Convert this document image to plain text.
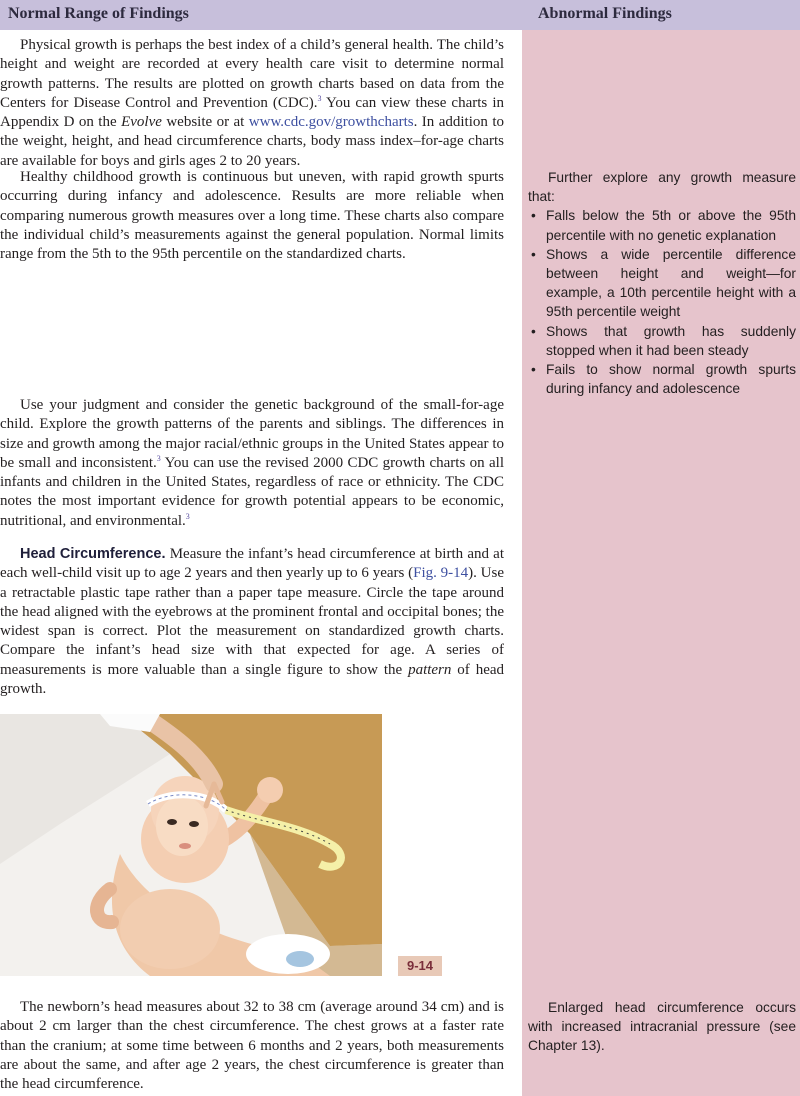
Normal Range of Findings	Abnormal Findings

Physical growth is perhaps the best index of a child’s general health. The child’s height and weight are recorded at every health care visit to determine normal growth patterns. The results are plotted on growth charts based on data from the Centers for Disease Control and Prevention (CDC).$^3$ You can view these charts in Appendix D on the Evolve website or at www.cdc.gov/growthcharts. In addition to the weight, height, and head circumference charts, body mass index–for-age charts are available for boys and girls ages 2 to 20 years.

Healthy childhood growth is continuous but uneven, with rapid growth spurts occurring during infancy and adolescence. Results are more reliable when comparing numerous growth measures over a long time. These charts also compare the individual child’s measurements against the general population. Normal limits range from the 5th to the 95th percentile on the standardized charts.

Use your judgment and consider the genetic background of the small-for-age child. Explore the growth patterns of the parents and siblings. The differences in size and growth among the major racial/ethnic groups in the United States appear to be small and inconsistent.$^3$ You can use the revised 2000 CDC growth charts on all infants and children in the United States, regardless of race or ethnicity. The CDC notes the most important evidence for growth potential appears to be economic, nutritional, and environmental.$^3$

Head Circumference. Measure the infant’s head circumference at birth and at each well-child visit up to age 2 years and then yearly up to 6 years (Fig. 9-14). Use a retractable plastic tape rather than a paper tape measure. Circle the tape around the head aligned with the eyebrows at the prominent frontal and occipital bones; the widest span is correct. Plot the measurement on standardized growth charts. Compare the infant’s head size with that expected for age. A series of measurements is more valuable than a single figure to show the pattern of head growth.

9-14

The newborn’s head measures about 32 to 38 cm (average around 34 cm) and is about 2 cm larger than the chest circumference. The chest grows at a faster rate than the cranium; at some time between 6 months and 2 years, both measurements are about the same, and after age 2 years, the chest circumference is greater than the head circumference.

Further explore any growth measure that:

• Falls below the 5th or above the 95th percentile with no genetic explanation
• Shows a wide percentile difference between height and weight—for example, a 10th percentile height with a 95th percentile weight
• Shows that growth has suddenly stopped when it had been steady
• Fails to show normal growth spurts during infancy and adolescence

Enlarged head circumference occurs with increased intracranial pressure (see Chapter 13).
